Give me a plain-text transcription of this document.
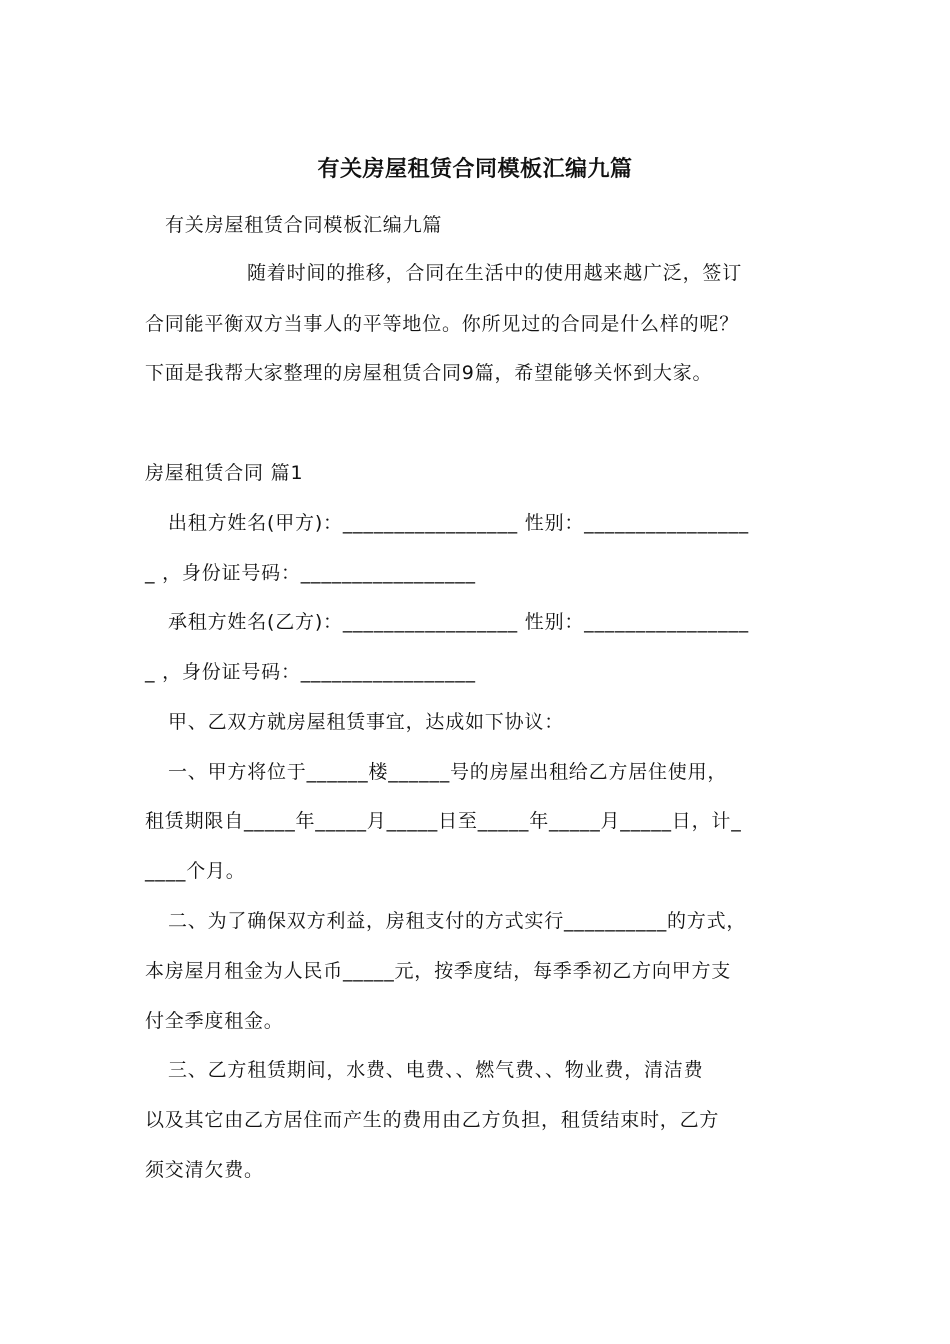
有关房屋租赁合同模板汇编九篇
有关房屋租赁合同模板汇编九篇
随着时间的推移，合同在生活中的使用越来越广泛，签订
合同能平衡双方当事人的平等地位。你所见过的合同是什么样的呢？
下面是我帮大家整理的房屋租赁合同9篇，希望能够关怀到大家。
房屋租赁合同 篇1
出租方姓名(甲方)：_________________ 性别：________________
_ ，身份证号码：_________________
承租方姓名(乙方)：_________________ 性别：________________
_ ，身份证号码：_________________
甲、乙双方就房屋租赁事宜，达成如下协议：
一、甲方将位于______楼______号的房屋出租给乙方居住使用，
租赁期限自_____年_____月_____日至_____年_____月_____日，计_
____个月。
二、为了确保双方利益，房租支付的方式实行__________的方式，
本房屋月租金为人民币_____元，按季度结，每季季初乙方向甲方支
付全季度租金。
三、乙方租赁期间，水费、电费、、燃气费、、物业费，清洁费
以及其它由乙方居住而产生的费用由乙方负担，租赁结束时，乙方
须交清欠费。
